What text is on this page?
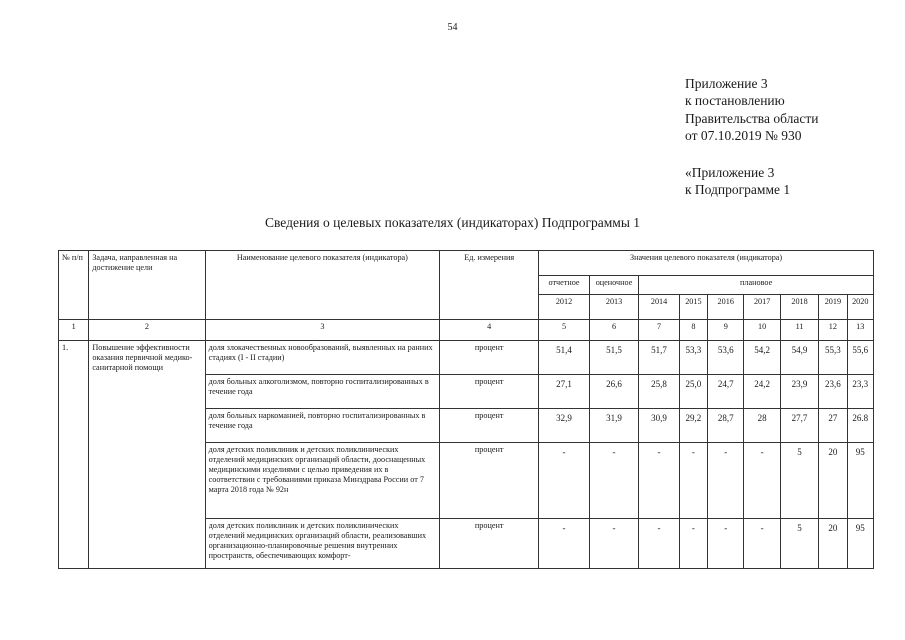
54
Приложение 3
к постановлению
Правительства области
от 07.10.2019 № 930
«Приложение 3
к Подпрограмме 1
Сведения о целевых показателях (индикаторах) Подпрограммы 1
№ п/п	Задача, направленная на достижение цели	Наименование целевого показателя (индикатора)	Ед. измерения	Значения целевого показателя (индикатора)								
				отчетное	оценочное	плановое						
				2012	2013	2014	2015	2016	2017	2018	2019	2020
1	2	3	4	5	6	7	8	9	10	11	12	13
1.	Повышение эффективности оказания первичной медико-санитарной помощи	доля злокачественных новообразований, выявленных на ранних стадиях (I - II стадии)	процент	51,4	51,5	51,7	53,3	53,6	54,2	54,9	55,3	55,6
		доля больных алкоголизмом, повторно госпитализированных в течение года	процент	27,1	26,6	25,8	25,0	24,7	24,2	23,9	23,6	23,3
		доля больных наркоманией, повторно госпитализированных в течение года	процент	32,9	31,9	30,9	29,2	28,7	28	27,7	27	26.8
		доля детских поликлиник и детских поликлинических отделений медицинских организаций области, дооснащенных медицинскими изделиями с целью приведения их в соответствии с требованиями приказа Минздрава России от 7 марта 2018 года № 92н	процент	-	-	-	-	-	-	5	20	95

		доля детских поликлиник и детских поликлинических отделений медицинских организаций области, реализовавших организационно-планировочные решения внутренних пространств, обеспечивающих комфорт-	процент	-	-	-	-	-	-	5	20	95
